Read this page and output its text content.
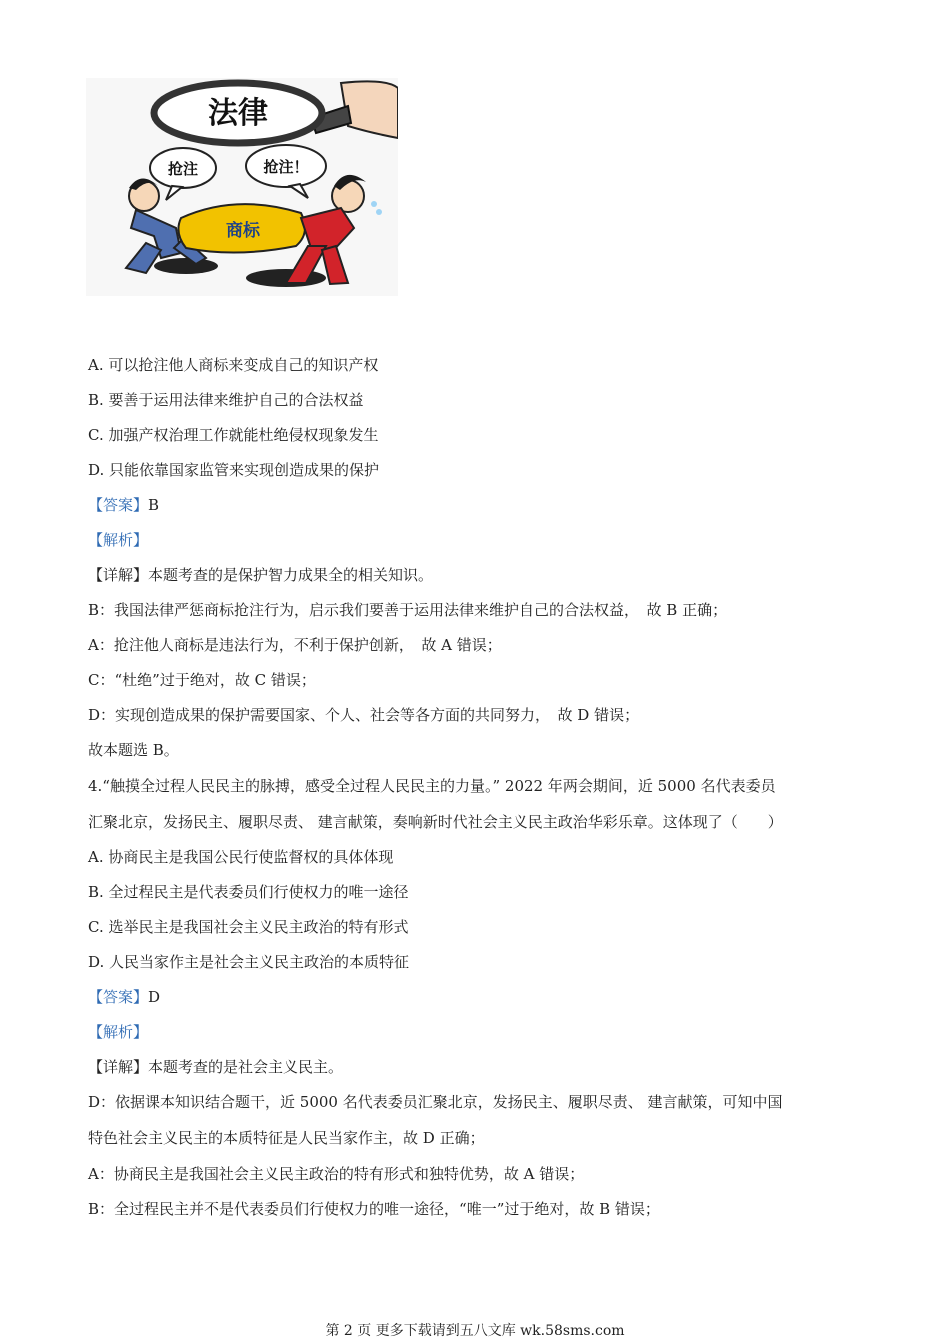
法律
抢注	抢注！
商标
A. 可以抢注他人商标来变成自己的知识产权
B. 要善于运用法律来维护自己的合法权益
C. 加强产权治理工作就能杜绝侵权现象发生
D. 只能依靠国家监管来实现创造成果的保护
【答案】B
【解析】
【详解】本题考查的是保护智力成果全的相关知识。
B：我国法律严惩商标抢注行为，启示我们要善于运用法律来维护自己的合法权益，　故 B 正确；
A：抢注他人商标是违法行为，不利于保护创新，　故 A 错误；
C：“杜绝”过于绝对，故 C 错误；
D：实现创造成果的保护需要国家、个人、社会等各方面的共同努力，　故 D 错误；
故本题选 B。
4.“触摸全过程人民民主的脉搏，感受全过程人民民主的力量。” 2022 年两会期间，近 5000 名代表委员
汇聚北京，发扬民主、履职尽责、 建言献策，奏响新时代社会主义民主政治华彩乐章。这体现了（　　）
A. 协商民主是我国公民行使监督权的具体体现
B. 全过程民主是代表委员们行使权力的唯一途径
C. 选举民主是我国社会主义民主政治的特有形式
D. 人民当家作主是社会主义民主政治的本质特征
【答案】D
【解析】
【详解】本题考查的是社会主义民主。
D：依据课本知识结合题干，近 5000 名代表委员汇聚北京，发扬民主、履职尽责、 建言献策，可知中国
特色社会主义民主的本质特征是人民当家作主，故 D 正确；
A：协商民主是我国社会主义民主政治的特有形式和独特优势，故 A 错误；
B：全过程民主并不是代表委员们行使权力的唯一途径，“唯一”过于绝对，故 B 错误；
第 2 页 更多下载请到五八文库 wk.58sms.com
